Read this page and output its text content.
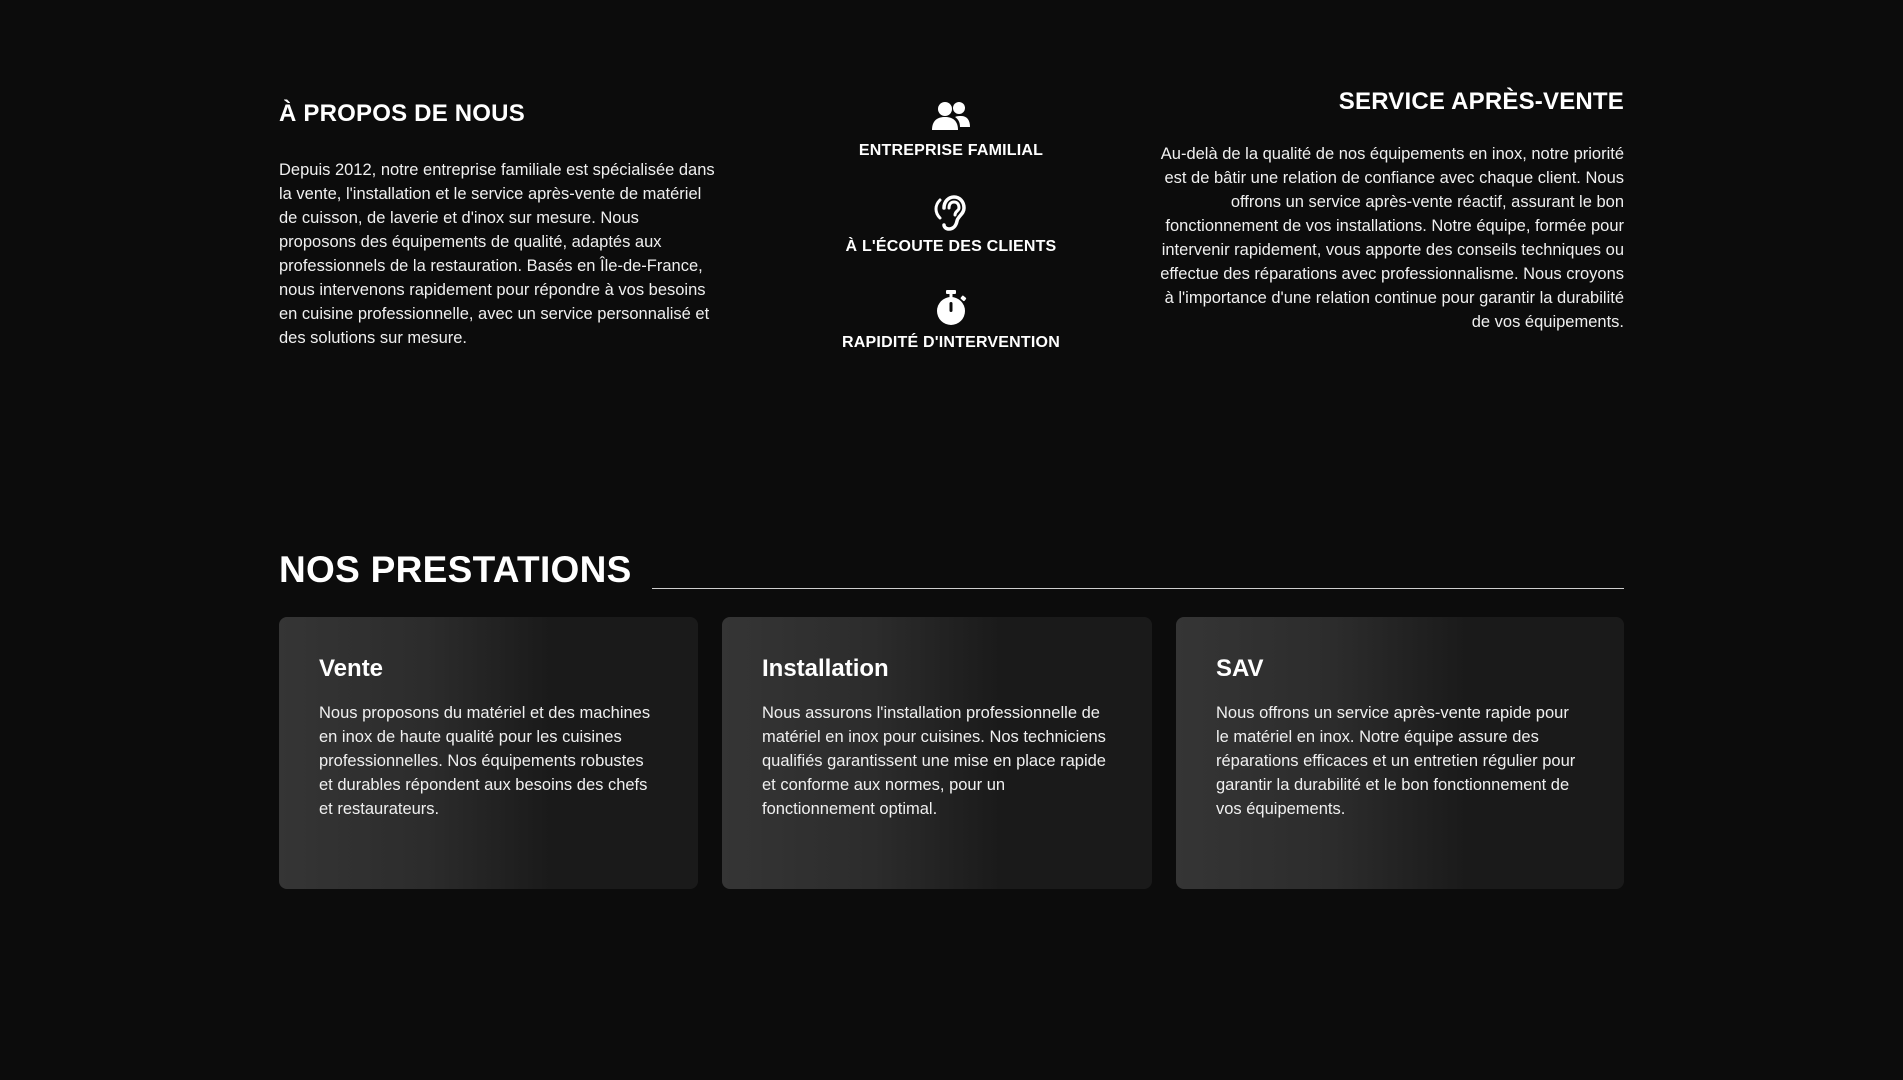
À PROPOS DE NOUS

Depuis 2012, notre entreprise familiale est spécialisée dans la vente, l'installation et le service après-vente de matériel de cuisson, de laverie et d'inox sur mesure. Nous proposons des équipements de qualité, adaptés aux professionnels de la restauration. Basés en Île-de-France, nous intervenons rapidement pour répondre à vos besoins en cuisine professionnelle, avec un service personnalisé et des solutions sur mesure.

ENTREPRISE FAMILIAL
À L'ÉCOUTE DES CLIENTS
RAPIDITÉ D'INTERVENTION
SERVICE APRÈS-VENTE

Au-delà de la qualité de nos équipements en inox, notre priorité est de bâtir une relation de confiance avec chaque client. Nous offrons un service après-vente réactif, assurant le bon fonctionnement de vos installations. Notre équipe, formée pour intervenir rapidement, vous apporte des conseils techniques ou effectue des réparations avec professionnalisme. Nous croyons à l'importance d'une relation continue pour garantir la durabilité de vos équipements.

NOS PRESTATIONS
Vente

Nous proposons du matériel et des machines en inox de haute qualité pour les cuisines professionnelles. Nos équipements robustes et durables répondent aux besoins des chefs et restaurateurs.

Installation

Nous assurons l'installation professionnelle de matériel en inox pour cuisines. Nos techniciens qualifiés garantissent une mise en place rapide et conforme aux normes, pour un fonctionnement optimal.

SAV

Nous offrons un service après-vente rapide pour le matériel en inox. Notre équipe assure des réparations efficaces et un entretien régulier pour garantir la durabilité et le bon fonctionnement de vos équipements.
